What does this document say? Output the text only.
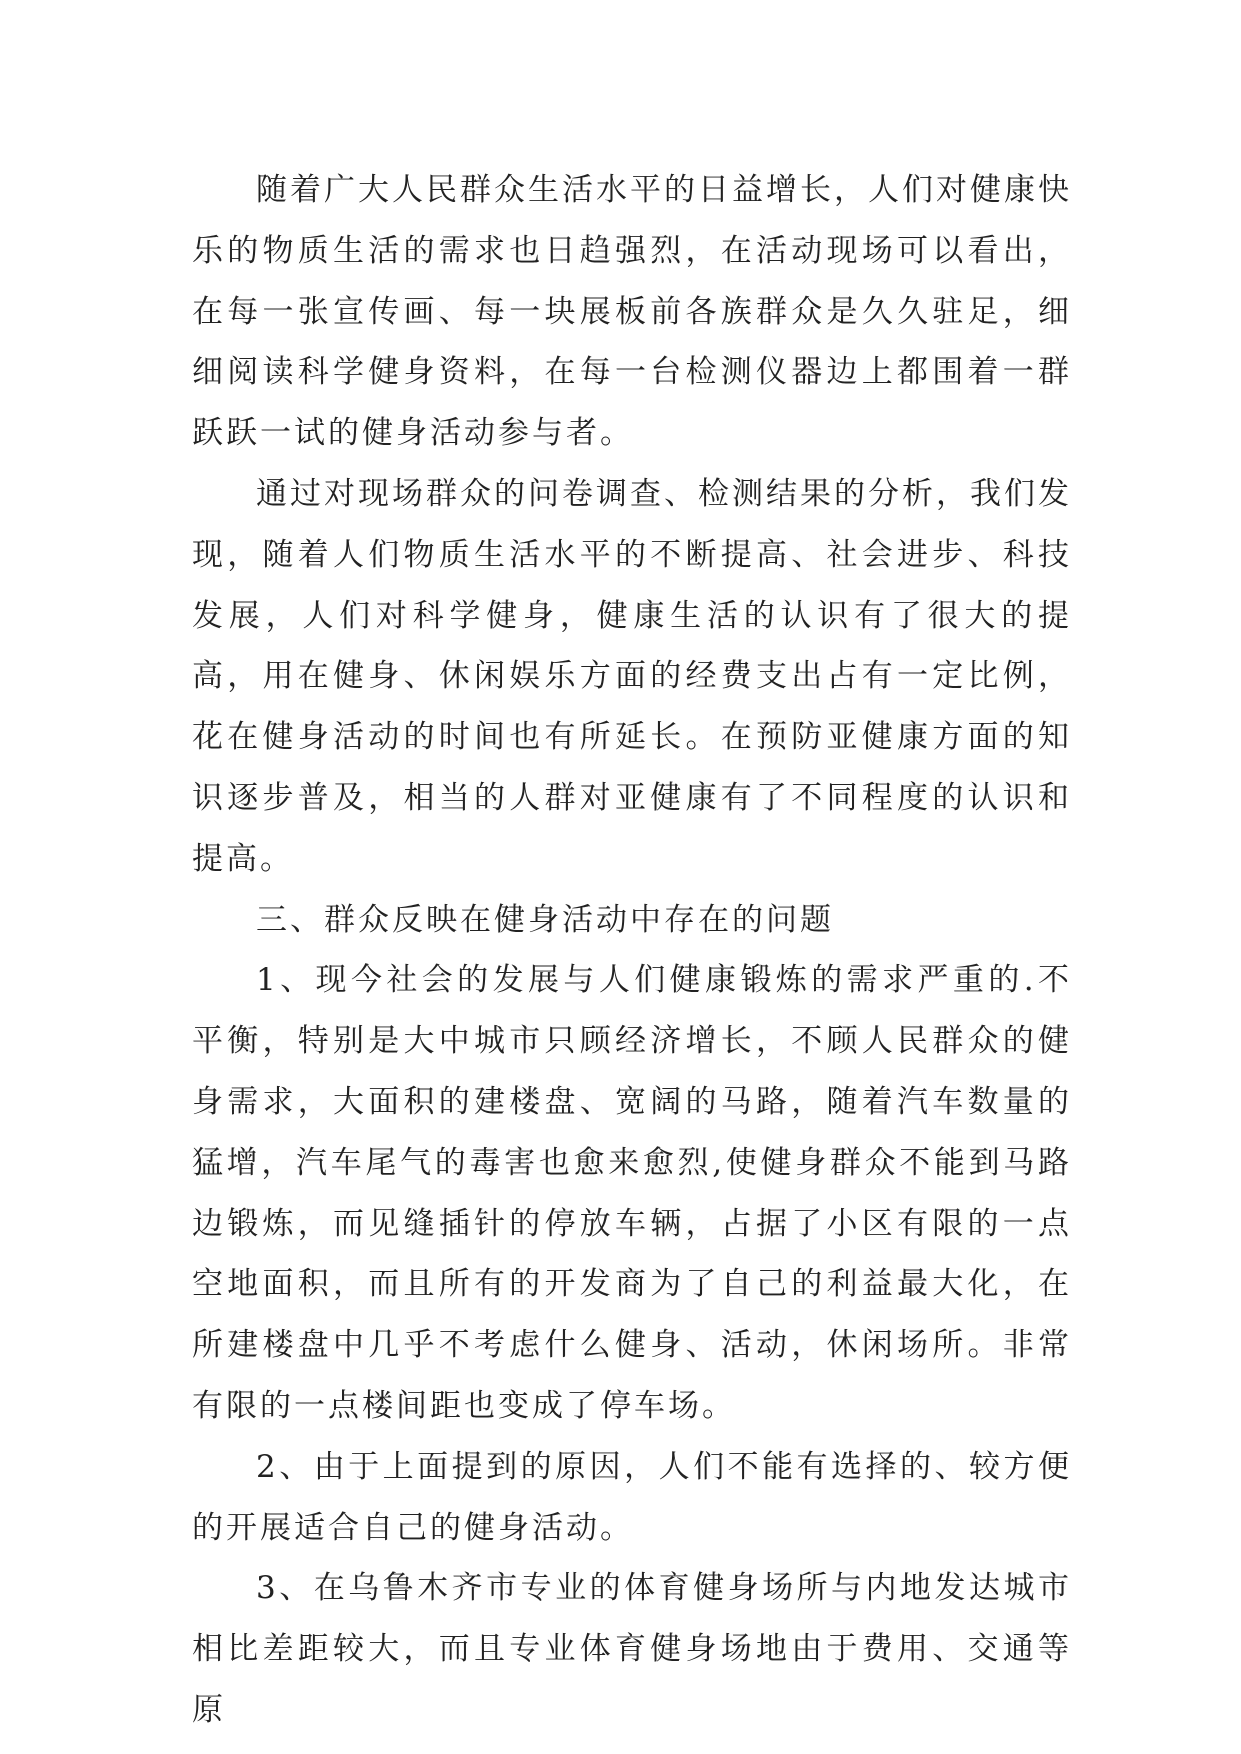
随着广大人民群众生活水平的日益增长，人们对健康快乐的物质生活的需求也日趋强烈，在活动现场可以看出，在每一张宣传画、每一块展板前各族群众是久久驻足，细细阅读科学健身资料，在每一台检测仪器边上都围着一群跃跃一试的健身活动参与者。

通过对现场群众的问卷调查、检测结果的分析，我们发现，随着人们物质生活水平的不断提高、社会进步、科技发展，人们对科学健身，健康生活的认识有了很大的提高，用在健身、休闲娱乐方面的经费支出占有一定比例，花在健身活动的时间也有所延长。在预防亚健康方面的知识逐步普及，相当的人群对亚健康有了不同程度的认识和提高。

三、群众反映在健身活动中存在的问题

1、现今社会的发展与人们健康锻炼的需求严重的.不平衡，特别是大中城市只顾经济增长，不顾人民群众的健身需求，大面积的建楼盘、宽阔的马路，随着汽车数量的猛增，汽车尾气的毒害也愈来愈烈,使健身群众不能到马路边锻炼，而见缝插针的停放车辆，占据了小区有限的一点空地面积，而且所有的开发商为了自己的利益最大化，在所建楼盘中几乎不考虑什么健身、活动，休闲场所。非常有限的一点楼间距也变成了停车场。

2、由于上面提到的原因，人们不能有选择的、较方便的开展适合自己的健身活动。

3、在乌鲁木齐市专业的体育健身场所与内地发达城市相比差距较大，而且专业体育健身场地由于费用、交通等原
